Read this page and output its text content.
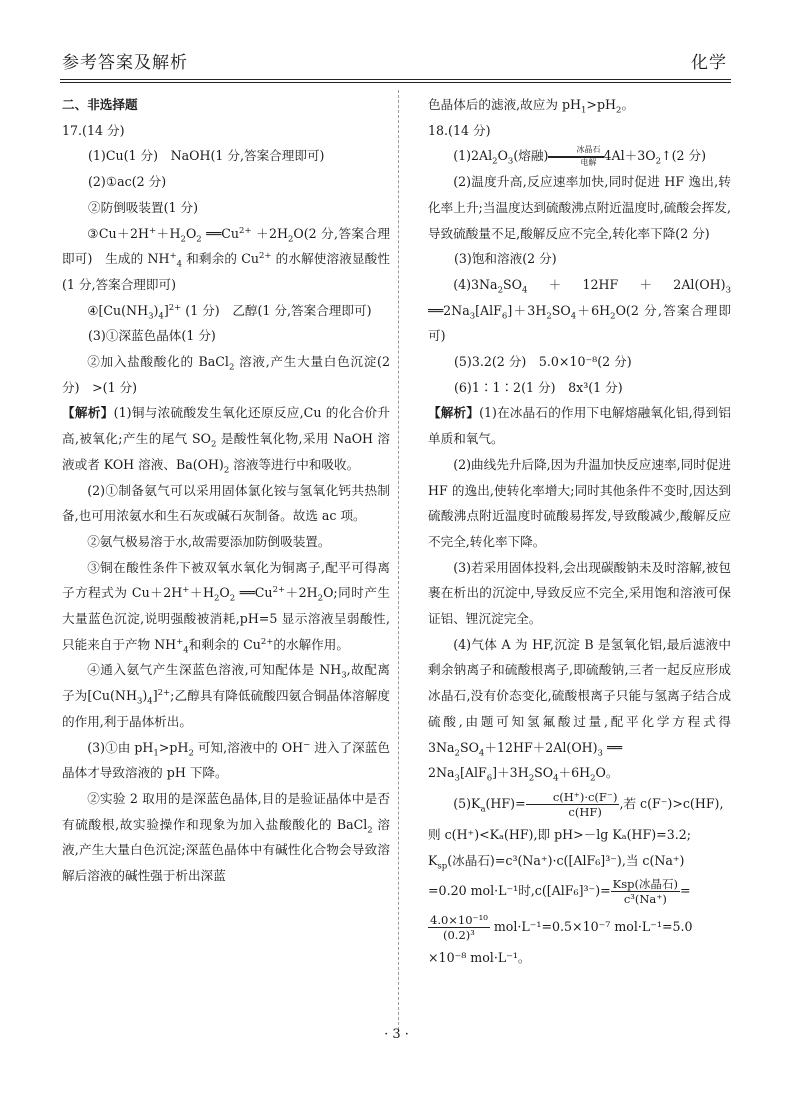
参考答案及解析	化学

二、非选择题

17.(14 分)

(1)Cu(1 分)　NaOH(1 分,答案合理即可)

(2)①ac(2 分)

②防倒吸装置(1 分)

$③Cu+2H^++H_2O_2$ $══Cu^{2+} +2H_2O(2$ 分,答案合理即可)　生成的 $NH^+_4$ 和剩余的 $Cu^{2+}$ 的水解使溶液显酸性(1 分,答案合理即可)

$④[Cu(NH_3)_4]^{2+}$ (1 分)　乙醇(1 分,答案合理即可)

(3)①深蓝色晶体(1 分)

②加入盐酸酸化的 BaCl$_2$ 溶液,产生大量白色沉淀(2 分)　>(1 分)

【解析】(1)铜与浓硫酸发生氧化还原反应,Cu 的化合价升高,被氧化;产生的尾气 $SO_2$ 是酸性氧化物,采用 NaOH 溶液或者 KOH 溶液、$Ba(OH)_2$ 溶液等进行中和吸收。

(2)①制备氨气可以采用固体氯化铵与氢氧化钙共热制备,也可用浓氨水和生石灰或碱石灰制备。故选 ac 项。

②氨气极易溶于水,故需要添加防倒吸装置。

③铜在酸性条件下被双氧水氧化为铜离子,配平可得离子方程式为 $Cu+2H^++H_2O_2$ $══Cu^{2+}+2H_2O$;同时产生大量蓝色沉淀,说明强酸被消耗,pH=5 显示溶液呈弱酸性,只能来自于产物 $NH^+_4$和剩余的 $Cu^{2+}$的水解作用。

④通入氨气产生深蓝色溶液,可知配体是 $NH_3$,故配离子为$[Cu(NH_3)_4]^{2+}$;乙醇具有降低硫酸四氨合铜晶体溶解度的作用,利于晶体析出。

(3)①由 $pH_1>pH_2$ 可知,溶液中的 OH− 进入了深蓝色晶体才导致溶液的 pH 下降。

②实验 2 取用的是深蓝色晶体,目的是验证晶体中是否有硫酸根,故实验操作和现象为加入盐酸酸化的 BaCl$_2$ 溶液,产生大量白色沉淀;深蓝色晶体中有碱性化合物会导致溶解后溶液的碱性强于析出深蓝

色晶体后的滤液,故应为 $pH_1>pH_2$。

18.(14 分)

$(1)2Al_2O_3$(熔融)	冰晶石
电解 $4Al+3O_2↑(2$ 分)

(2)温度升高,反应速率加快,同时促进 HF 逸出,转化率上升;当温度达到硫酸沸点附近温度时,硫酸会挥发,导致硫酸量不足,酸解反应不完全,转化率下降(2 分)

(3)饱和溶液(2 分)

$(4)3Na_2SO_4+12HF+2Al(OH)_3$ $══2Na_3[AlF_6]+3H_2SO_4+6H_2O(2$ 分,答案合理即可)

(5)3.2(2 分)　5.0×10⁻⁸(2 分)

(6)1∶1∶2(1 分)　8x³(1 分)

【解析】(1)在冰晶石的作用下电解熔融氧化铝,得到铝单质和氧气。

(2)曲线先升后降,因为升温加快反应速率,同时促进 HF 的逸出,使转化率增大;同时其他条件不变时,因达到硫酸沸点附近温度时硫酸易挥发,导致酸减少,酸解反应不完全,转化率下降。

(3)若采用固体投料,会出现碳酸钠未及时溶解,被包裹在析出的沉淀中,导致反应不完全,采用饱和溶液可保证铝、锂沉淀完全。

(4)气体 A 为 HF,沉淀 B 是氢氧化铝,最后滤液中剩余钠离子和硫酸根离子,即硫酸钠,三者一起反应形成冰晶石,没有价态变化,硫酸根离子只能与氢离子结合成硫酸,由题可知氢氟酸过量,配平化学方程式得 $3Na_2SO_4+12HF+2Al(OH)_3$ ══
$2Na_3[AlF_6]+3H_2SO_4+6H_2O$。

$(5)K_a(HF)= \frac{c(H^+)\cdot c(F^-)}{c(HF)}$ ,若 c(F⁻)>c(HF),

则 c(H⁺)<Kₐ(HF),即 pH>－lg Kₐ(HF)=3.2;

$K_{sp}$(冰晶石)=c³(Na⁺)·c([AlF₆]³⁻),当 c(Na⁺)

=0.20 mol·L⁻¹时$,c([AlF_6]^{3-})= \frac{\text{Ksp(冰晶石)}}{\text{c³(Na⁺)}}$ =

$\frac{\text{4.0×10⁻¹⁰}}{\text{(0.2)³}} mol\cdot L^{-1}=0.5\times 10^{-7}$ mol·L⁻¹=5.0

×10⁻⁸ mol·L⁻¹。

· 3 ·
